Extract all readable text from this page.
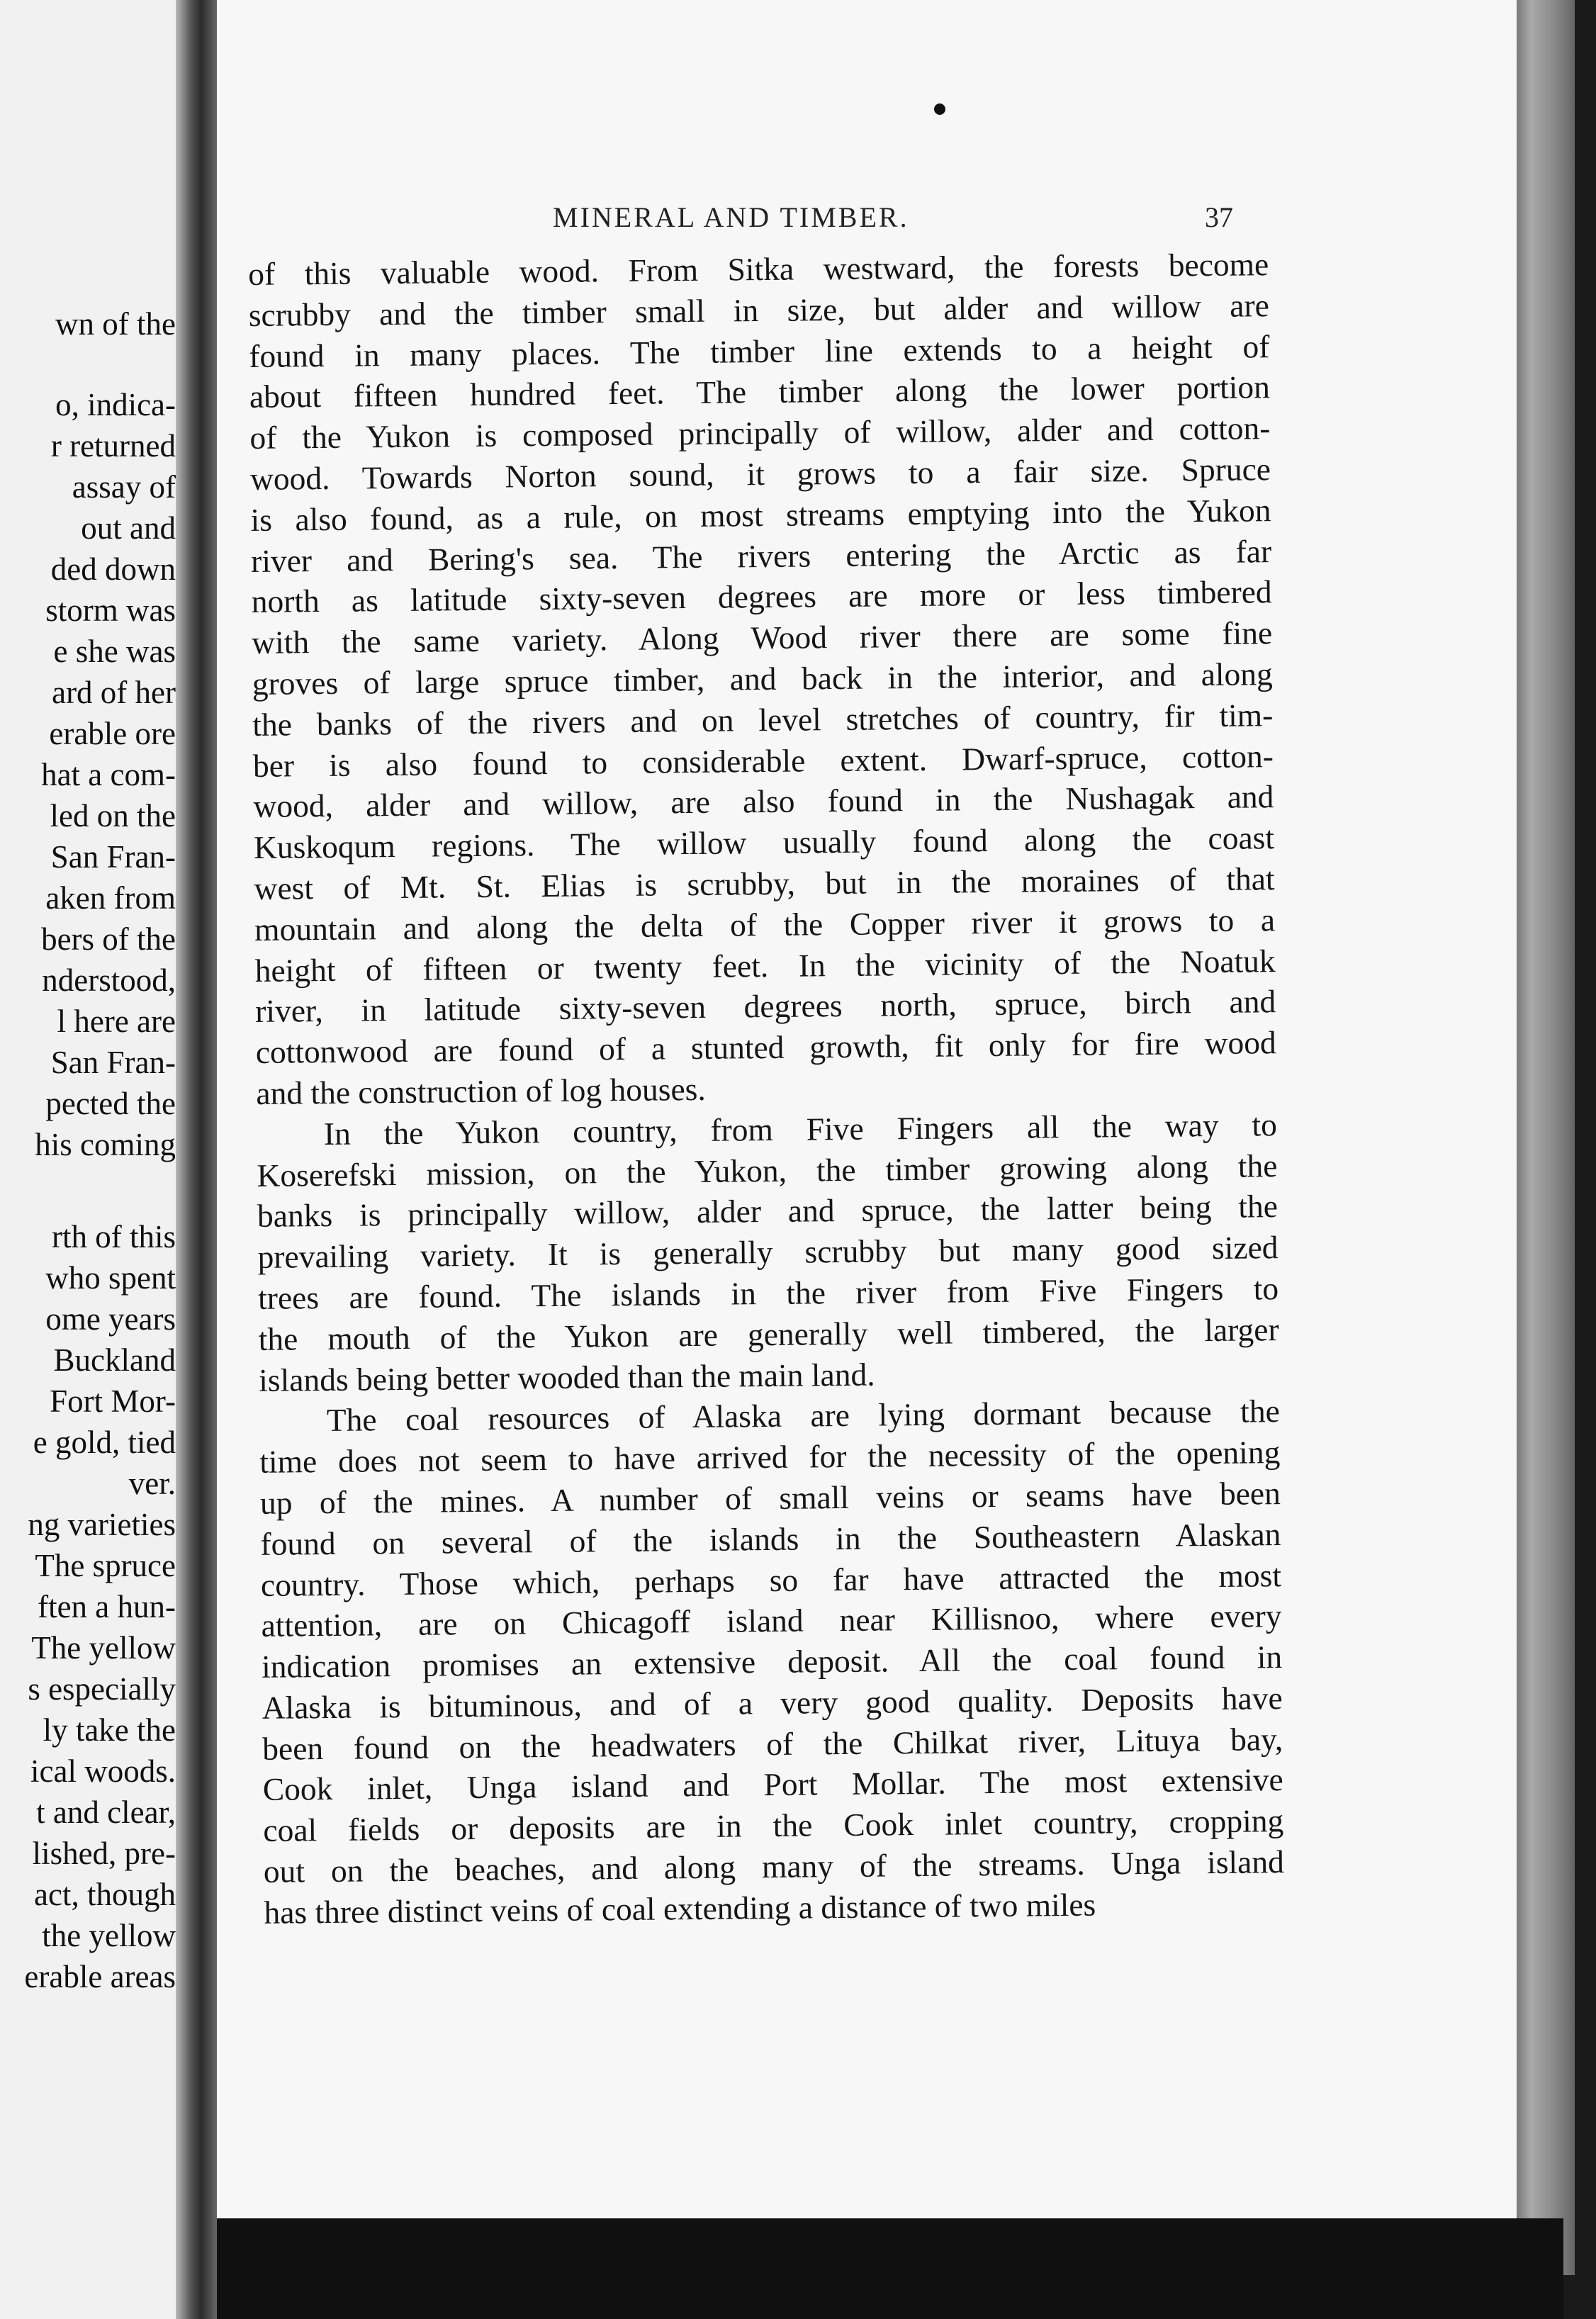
wn of the
o, indica-
r returned
assay of
out and
ded down
storm was
e she was
ard of her
erable ore
hat a com-
led on the
San Fran-
aken from
bers of the
nderstood,
l here are
San Fran-
pected the
his coming
rth of this
who spent
ome years
Buckland
Fort Mor-
e gold, tied
ver.
ng varieties
The spruce
ften a hun-
The yellow
s especially
ly take the
ical woods.
t and clear,
lished, pre-
act, though
the yellow
erable areas
MINERAL AND TIMBER.	37
of this valuable wood. From Sitka westward, the forests become
scrubby and the timber small in size, but alder and willow are
found in many places. The timber line extends to a height of
about fifteen hundred feet. The timber along the lower portion
of the Yukon is composed principally of willow, alder and cotton-
wood. Towards Norton sound, it grows to a fair size. Spruce
is also found, as a rule, on most streams emptying into the Yukon
river and Bering's sea. The rivers entering the Arctic as far
north as latitude sixty-seven degrees are more or less timbered
with the same variety. Along Wood river there are some fine
groves of large spruce timber, and back in the interior, and along
the banks of the rivers and on level stretches of country, fir tim-
ber is also found to considerable extent. Dwarf-spruce, cotton-
wood, alder and willow, are also found in the Nushagak and
Kuskoqum regions. The willow usually found along the coast
west of Mt. St. Elias is scrubby, but in the moraines of that
mountain and along the delta of the Copper river it grows to a
height of fifteen or twenty feet. In the vicinity of the Noatuk
river, in latitude sixty-seven degrees north, spruce, birch and
cottonwood are found of a stunted growth, fit only for fire wood
and the construction of log houses.
In the Yukon country, from Five Fingers all the way to
Koserefski mission, on the Yukon, the timber growing along the
banks is principally willow, alder and spruce, the latter being the
prevailing variety. It is generally scrubby but many good sized
trees are found. The islands in the river from Five Fingers to
the mouth of the Yukon are generally well timbered, the larger
islands being better wooded than the main land.
The coal resources of Alaska are lying dormant because the
time does not seem to have arrived for the necessity of the opening
up of the mines. A number of small veins or seams have been
found on several of the islands in the Southeastern Alaskan
country. Those which, perhaps so far have attracted the most
attention, are on Chicagoff island near Killisnoo, where every
indication promises an extensive deposit. All the coal found in
Alaska is bituminous, and of a very good quality. Deposits have
been found on the headwaters of the Chilkat river, Lituya bay,
Cook inlet, Unga island and Port Mollar. The most extensive
coal fields or deposits are in the Cook inlet country, cropping
out on the beaches, and along many of the streams. Unga island
has three distinct veins of coal extending a distance of two miles
